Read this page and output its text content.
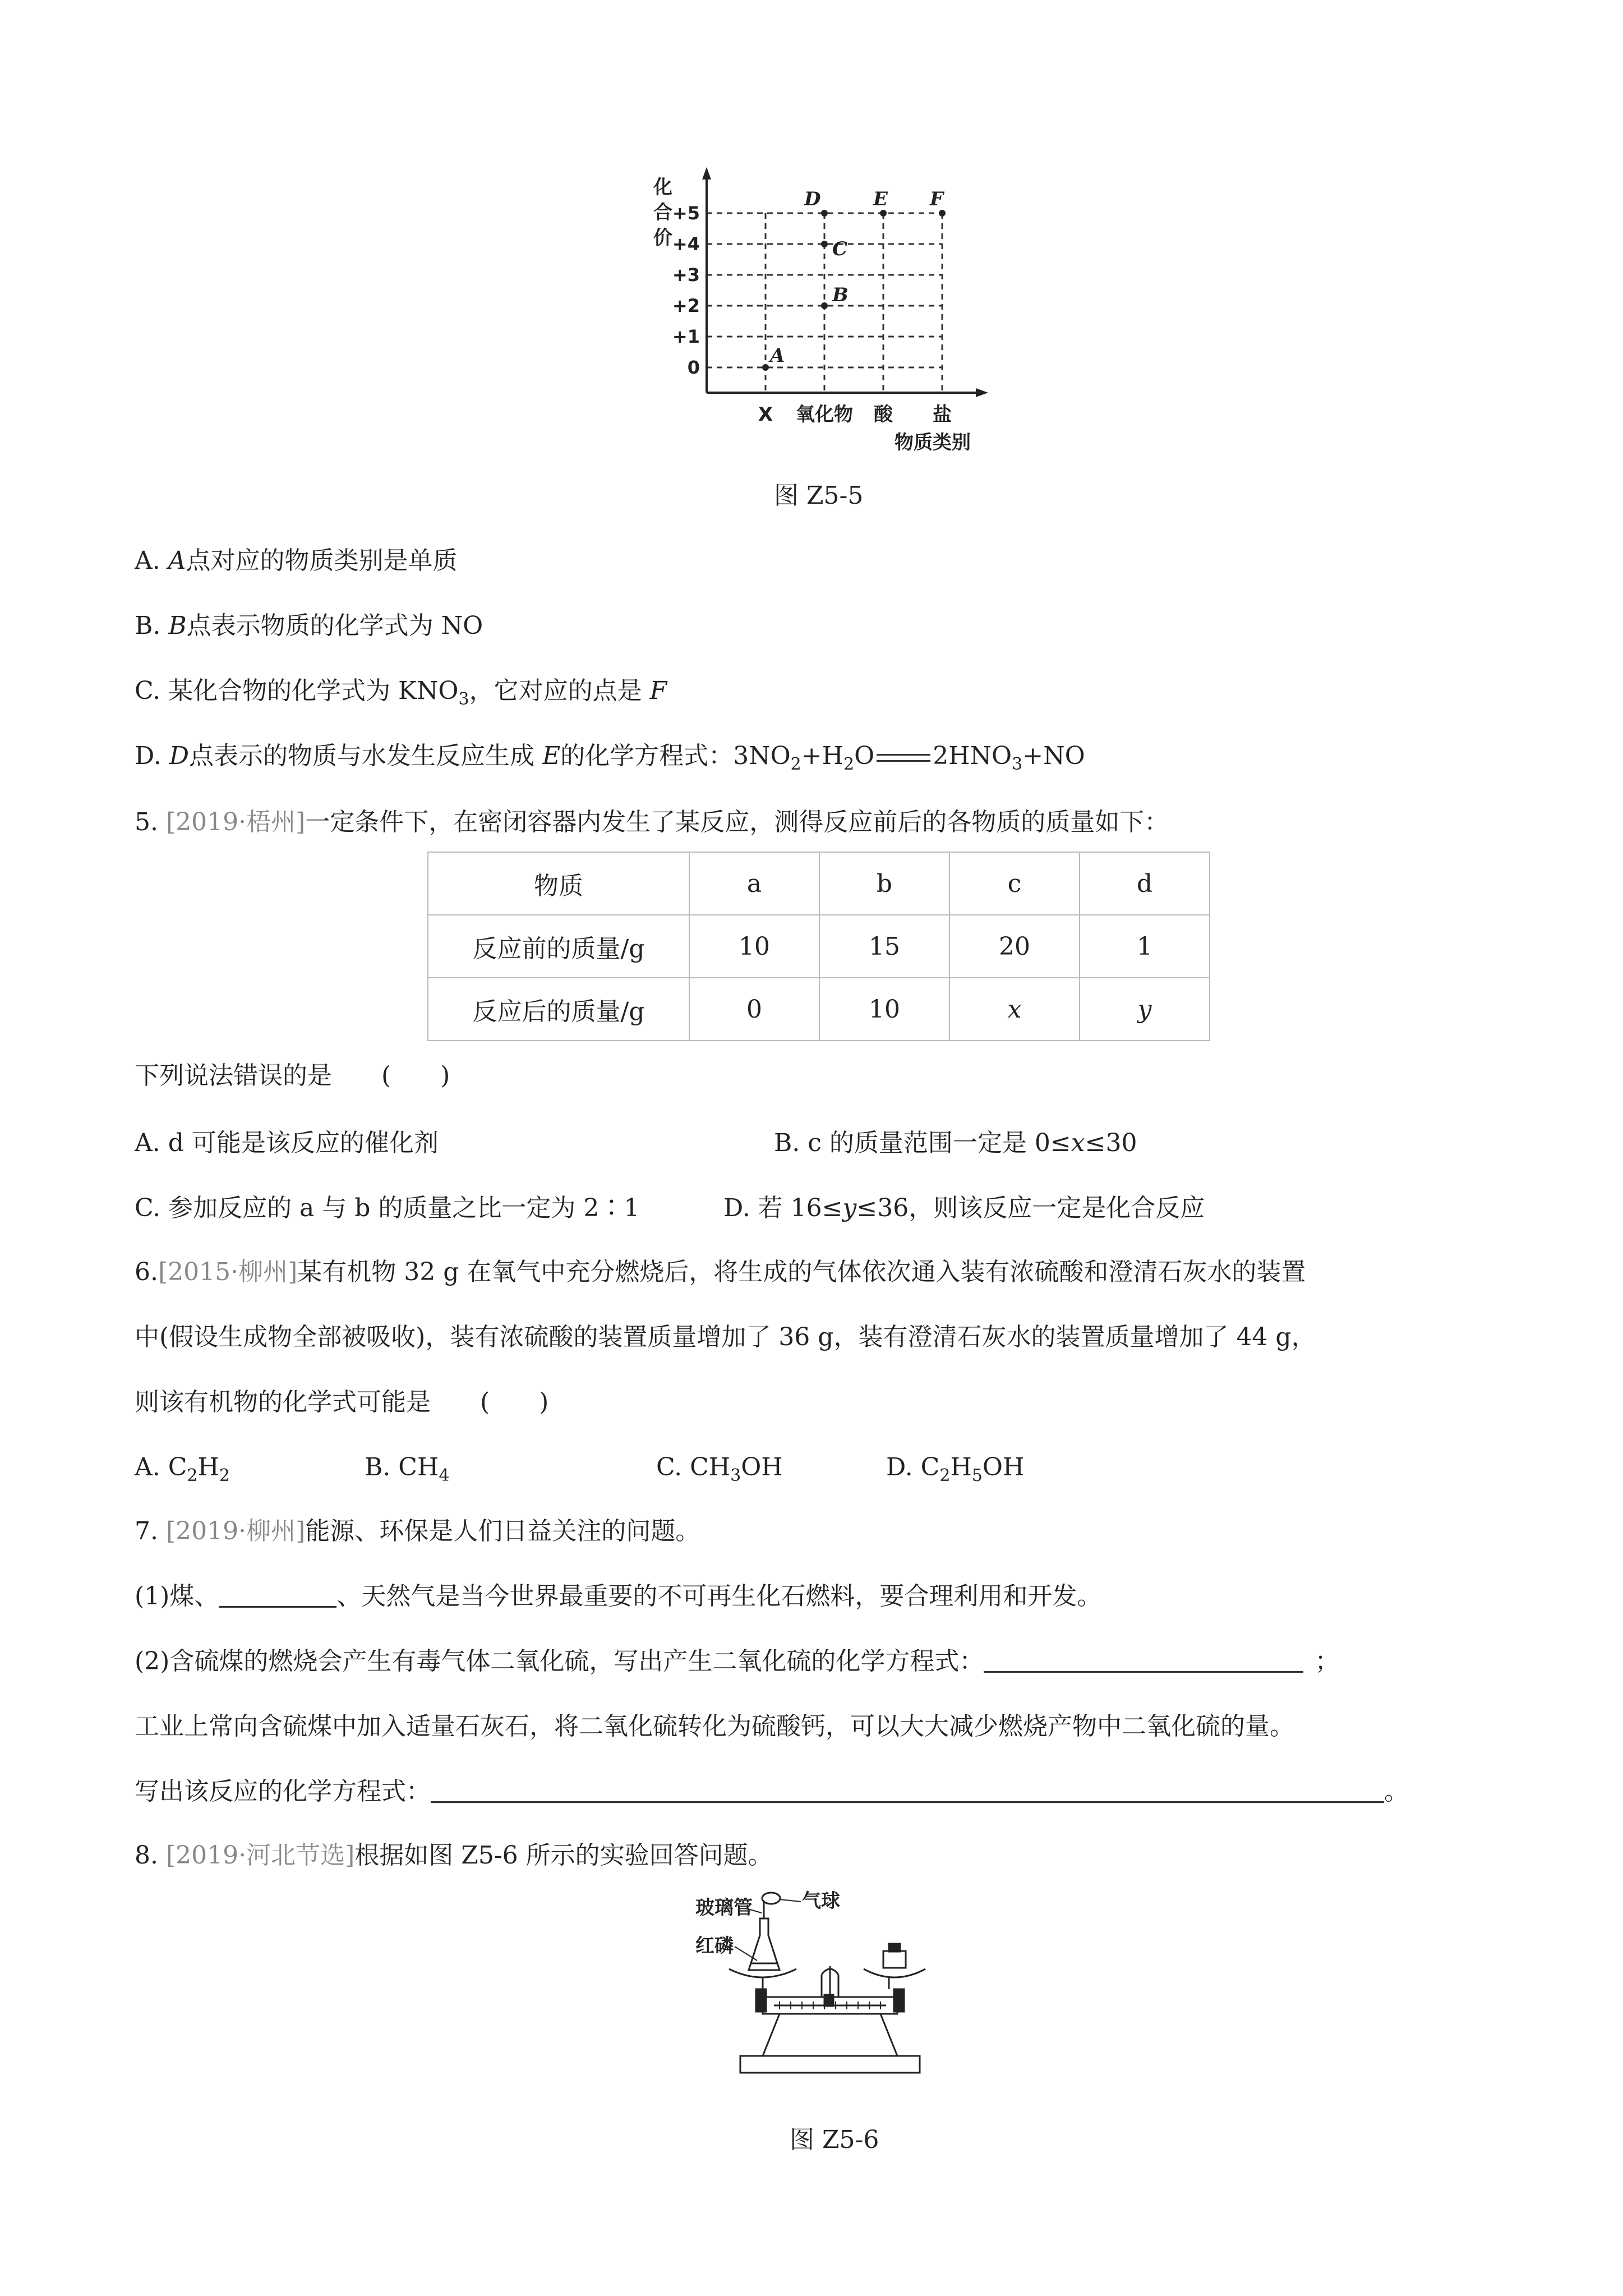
+5
+4
+3
+2
+1
0
X 氧化物 酸 盐
A
B
C
D	E F
化
合
价
物质类别
图 Z5-5
A. A点对应的物质类别是单质
B. B点表示物质的化学式为 NO
C. 某化合物的化学式为 $KNO_3$，它对应的点是 F
D. D点表示的物质与水发生反应生成 E的化学方程式：$3NO_2+H_2O$ $2HNO_3+NO$
5. [2019·梧州]一定条件下，在密闭容器内发生了某反应，测得反应前后的各物质的质量如下：
物质	a	b	c	d
反应前的质量/g	10	15	20	1
反应后的质量/g	0	10	x	y
下列说法错误的是　　(　　)
A. d 可能是该反应的催化剂	B. c 的质量范围一定是 0≤x≤30
C. 参加反应的 a 与 b 的质量之比一定为 2∶1	D. 若 16≤y≤36，则该反应一定是化合反应
6.[2015·柳州]某有机物 32 g 在氧气中充分燃烧后，将生成的气体依次通入装有浓硫酸和澄清石灰水的装置
中(假设生成物全部被吸收)，装有浓硫酸的装置质量增加了 36 g，装有澄清石灰水的装置质量增加了 44 g，
则该有机物的化学式可能是　　(　　)
A. $C_2H_2$	B. $CH_4$	C. $CH_3OH$	D. $C_2H_5OH$
7. [2019·柳州]能源、环保是人们日益关注的问题。
(1)煤、	、天然气是当今世界最重要的不可再生化石燃料，要合理利用和开发。
(2)含硫煤的燃烧会产生有毒气体二氧化硫，写出产生二氧化硫的化学方程式：	；
工业上常向含硫煤中加入适量石灰石，将二氧化硫转化为硫酸钙，可以大大减少燃烧产物中二氧化硫的量。
写出该反应的化学方程式：	。
8. [2019·河北节选]根据如图 Z5-6 所示的实验回答问题。
玻璃管	气球
红磷
图 Z5-6
